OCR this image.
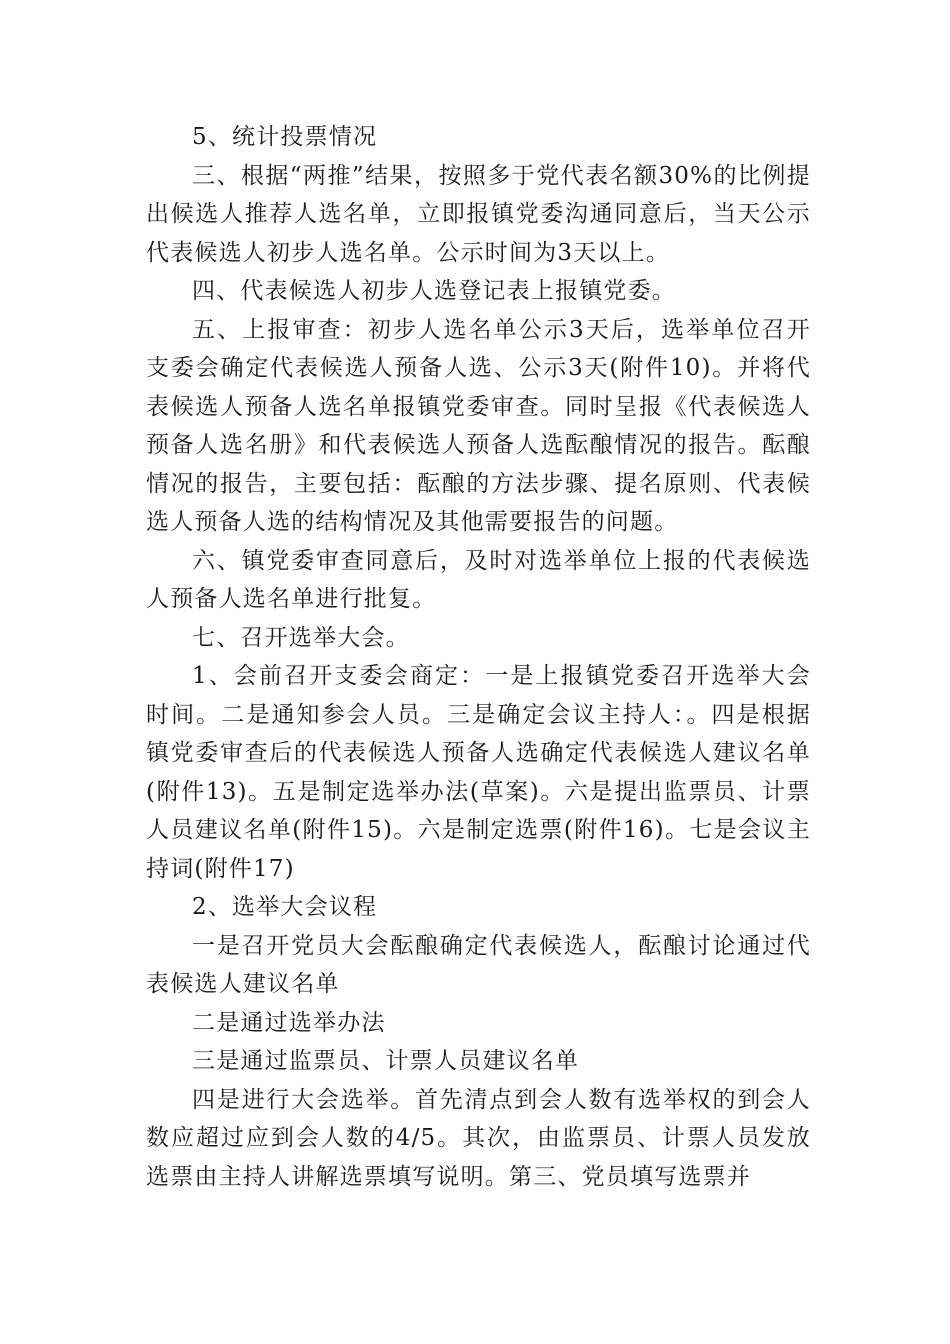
5、统计投票情况

三、根据“两推”结果，按照多于党代表名额30%的比例提出候选人推荐人选名单，立即报镇党委沟通同意后，当天公示代表候选人初步人选名单。公示时间为3天以上。

四、代表候选人初步人选登记表上报镇党委。

五、上报审查：初步人选名单公示3天后，选举单位召开支委会确定代表候选人预备人选、公示3天(附件10)。并将代表候选人预备人选名单报镇党委审查。同时呈报《代表候选人预备人选名册》和代表候选人预备人选酝酿情况的报告。酝酿情况的报告，主要包括：酝酿的方法步骤、提名原则、代表候选人预备人选的结构情况及其他需要报告的问题。

六、镇党委审查同意后，及时对选举单位上报的代表候选人预备人选名单进行批复。

七、召开选举大会。

1、会前召开支委会商定：一是上报镇党委召开选举大会时间。二是通知参会人员。三是确定会议主持人：。四是根据镇党委审查后的代表候选人预备人选确定代表候选人建议名单(附件13)。五是制定选举办法(草案)。六是提出监票员、计票人员建议名单(附件15)。六是制定选票(附件16)。七是会议主持词(附件17)

2、选举大会议程

一是召开党员大会酝酿确定代表候选人，酝酿讨论通过代表候选人建议名单

二是通过选举办法

三是通过监票员、计票人员建议名单

四是进行大会选举。首先清点到会人数有选举权的到会人数应超过应到会人数的4/5。其次，由监票员、计票人员发放选票由主持人讲解选票填写说明。第三、党员填写选票并
